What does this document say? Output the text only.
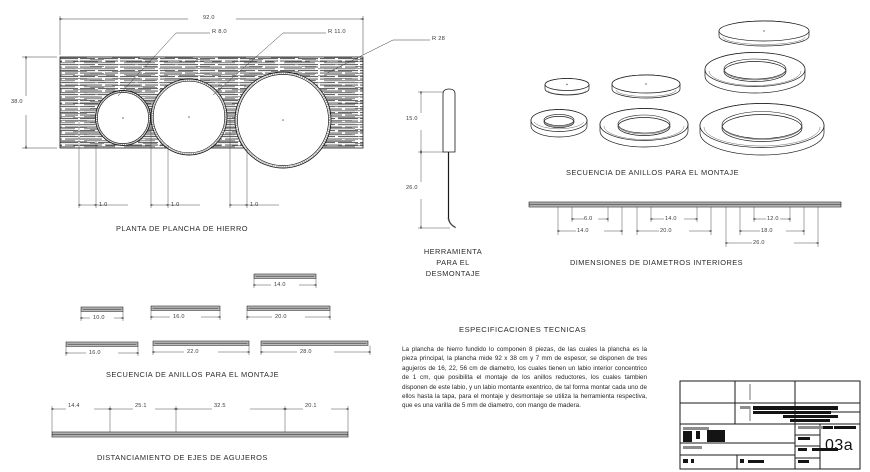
92.0
38.0
R 8.0	R 11.0
R 28
1.0	1.0	1.0
PLANTA DE PLANCHA DE HIERRO
15.0
26.0
HERRAMIENTA
PARA EL
DESMONTAJE
SECUENCIA DE ANILLOS PARA EL MONTAJE
6.0
14.0
14.0
20.0
12.0
18.0
26.0
DIMENSIONES DE DIAMETROS INTERIORES
14.0
10.0	16.0	20.0
16.0	22.0	28.0
SECUENCIA DE ANILLOS PARA EL MONTAJE
14.4	25.1	32.5	20.1
DISTANCIAMIENTO DE EJES DE AGUJEROS
ESPECIFICACIONES TECNICAS
La plancha de hierro fundido lo componen 8 piezas, de las cuales la plancha es la pieza principal, la plancha mide 92 x 38 cm y 7 mm de espesor, se disponen de tres agujeros de 16, 22, 56 cm de diametro, los cuales tienen un labio interior concentrico de 1 cm, que posibilita el montaje de los anillos reductores, los cuales tambien disponen de este labio, y un labio montante exentrico, de tal forma montar cada uno de ellos hasta la tapa, para el montaje y desmontaje se utiliza la herramienta respectiva, que es una varilla de 5 mm de diametro, con mango de madera.
03a
